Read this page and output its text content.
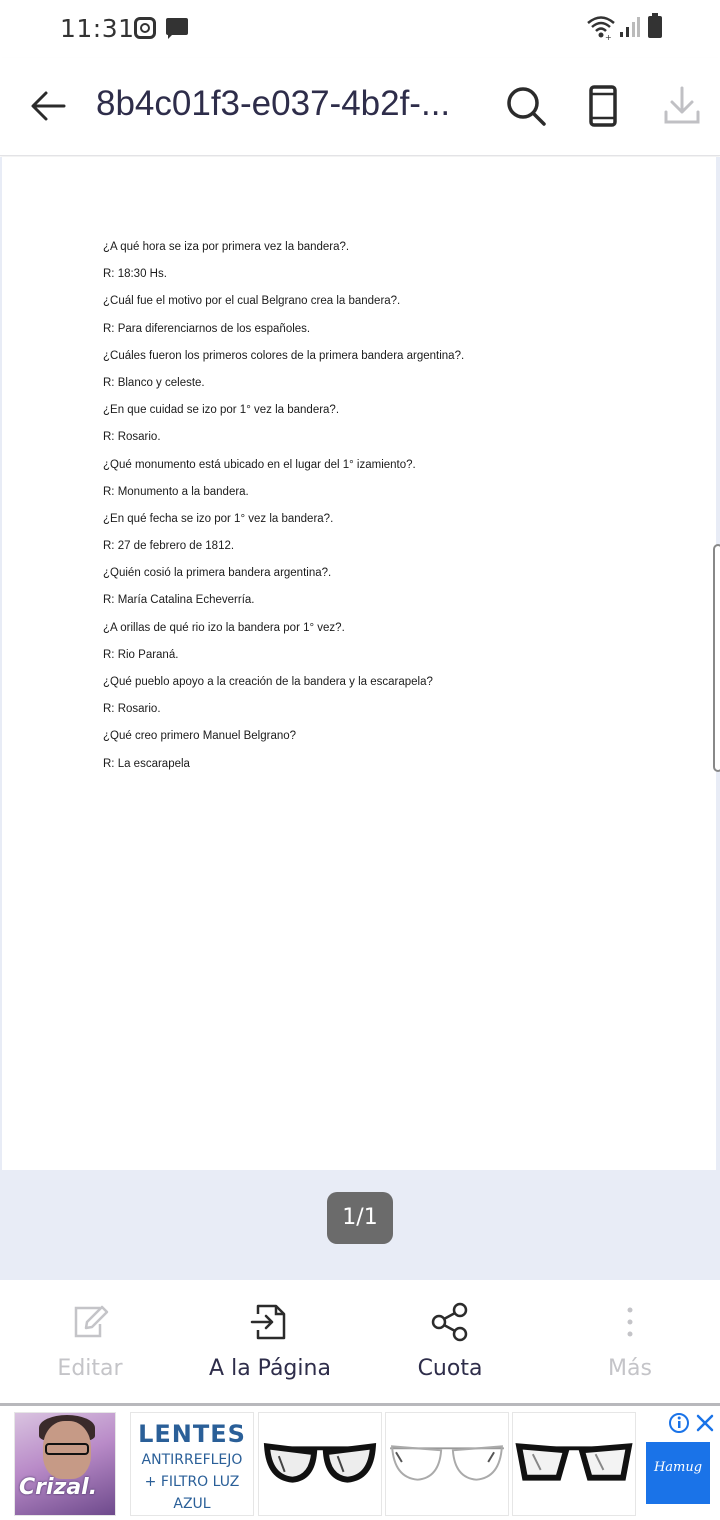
11:31	+
8b4c01f3-e037-4b2f-...
¿A qué hora se iza por primera vez la bandera?.
R: 18:30 Hs.
¿Cuál fue el motivo por el cual Belgrano crea la bandera?.
R: Para diferenciarnos de los españoles.
¿Cuáles fueron los primeros colores de la primera bandera argentina?.
R: Blanco y celeste.
¿En que cuidad se izo por 1° vez la bandera?.
R: Rosario.
¿Qué monumento está ubicado en el lugar del 1° izamiento?.
R: Monumento a la bandera.
¿En qué fecha se izo por 1° vez la bandera?.
R: 27 de febrero de 1812.
¿Quién cosió la primera bandera argentina?.
R: María Catalina Echeverría.
¿A orillas de qué rio izo la bandera por 1° vez?.
R: Rio Paraná.
¿Qué pueblo apoyo a la creación de la bandera y la escarapela?
R: Rosario.
¿Qué creo primero Manuel Belgrano?
R: La escarapela
1/1
Editar	A la Página	Cuota	Más
Crizal.
LENTES
ANTIRREFLEJO
+ FILTRO LUZ AZUL
Hamug
